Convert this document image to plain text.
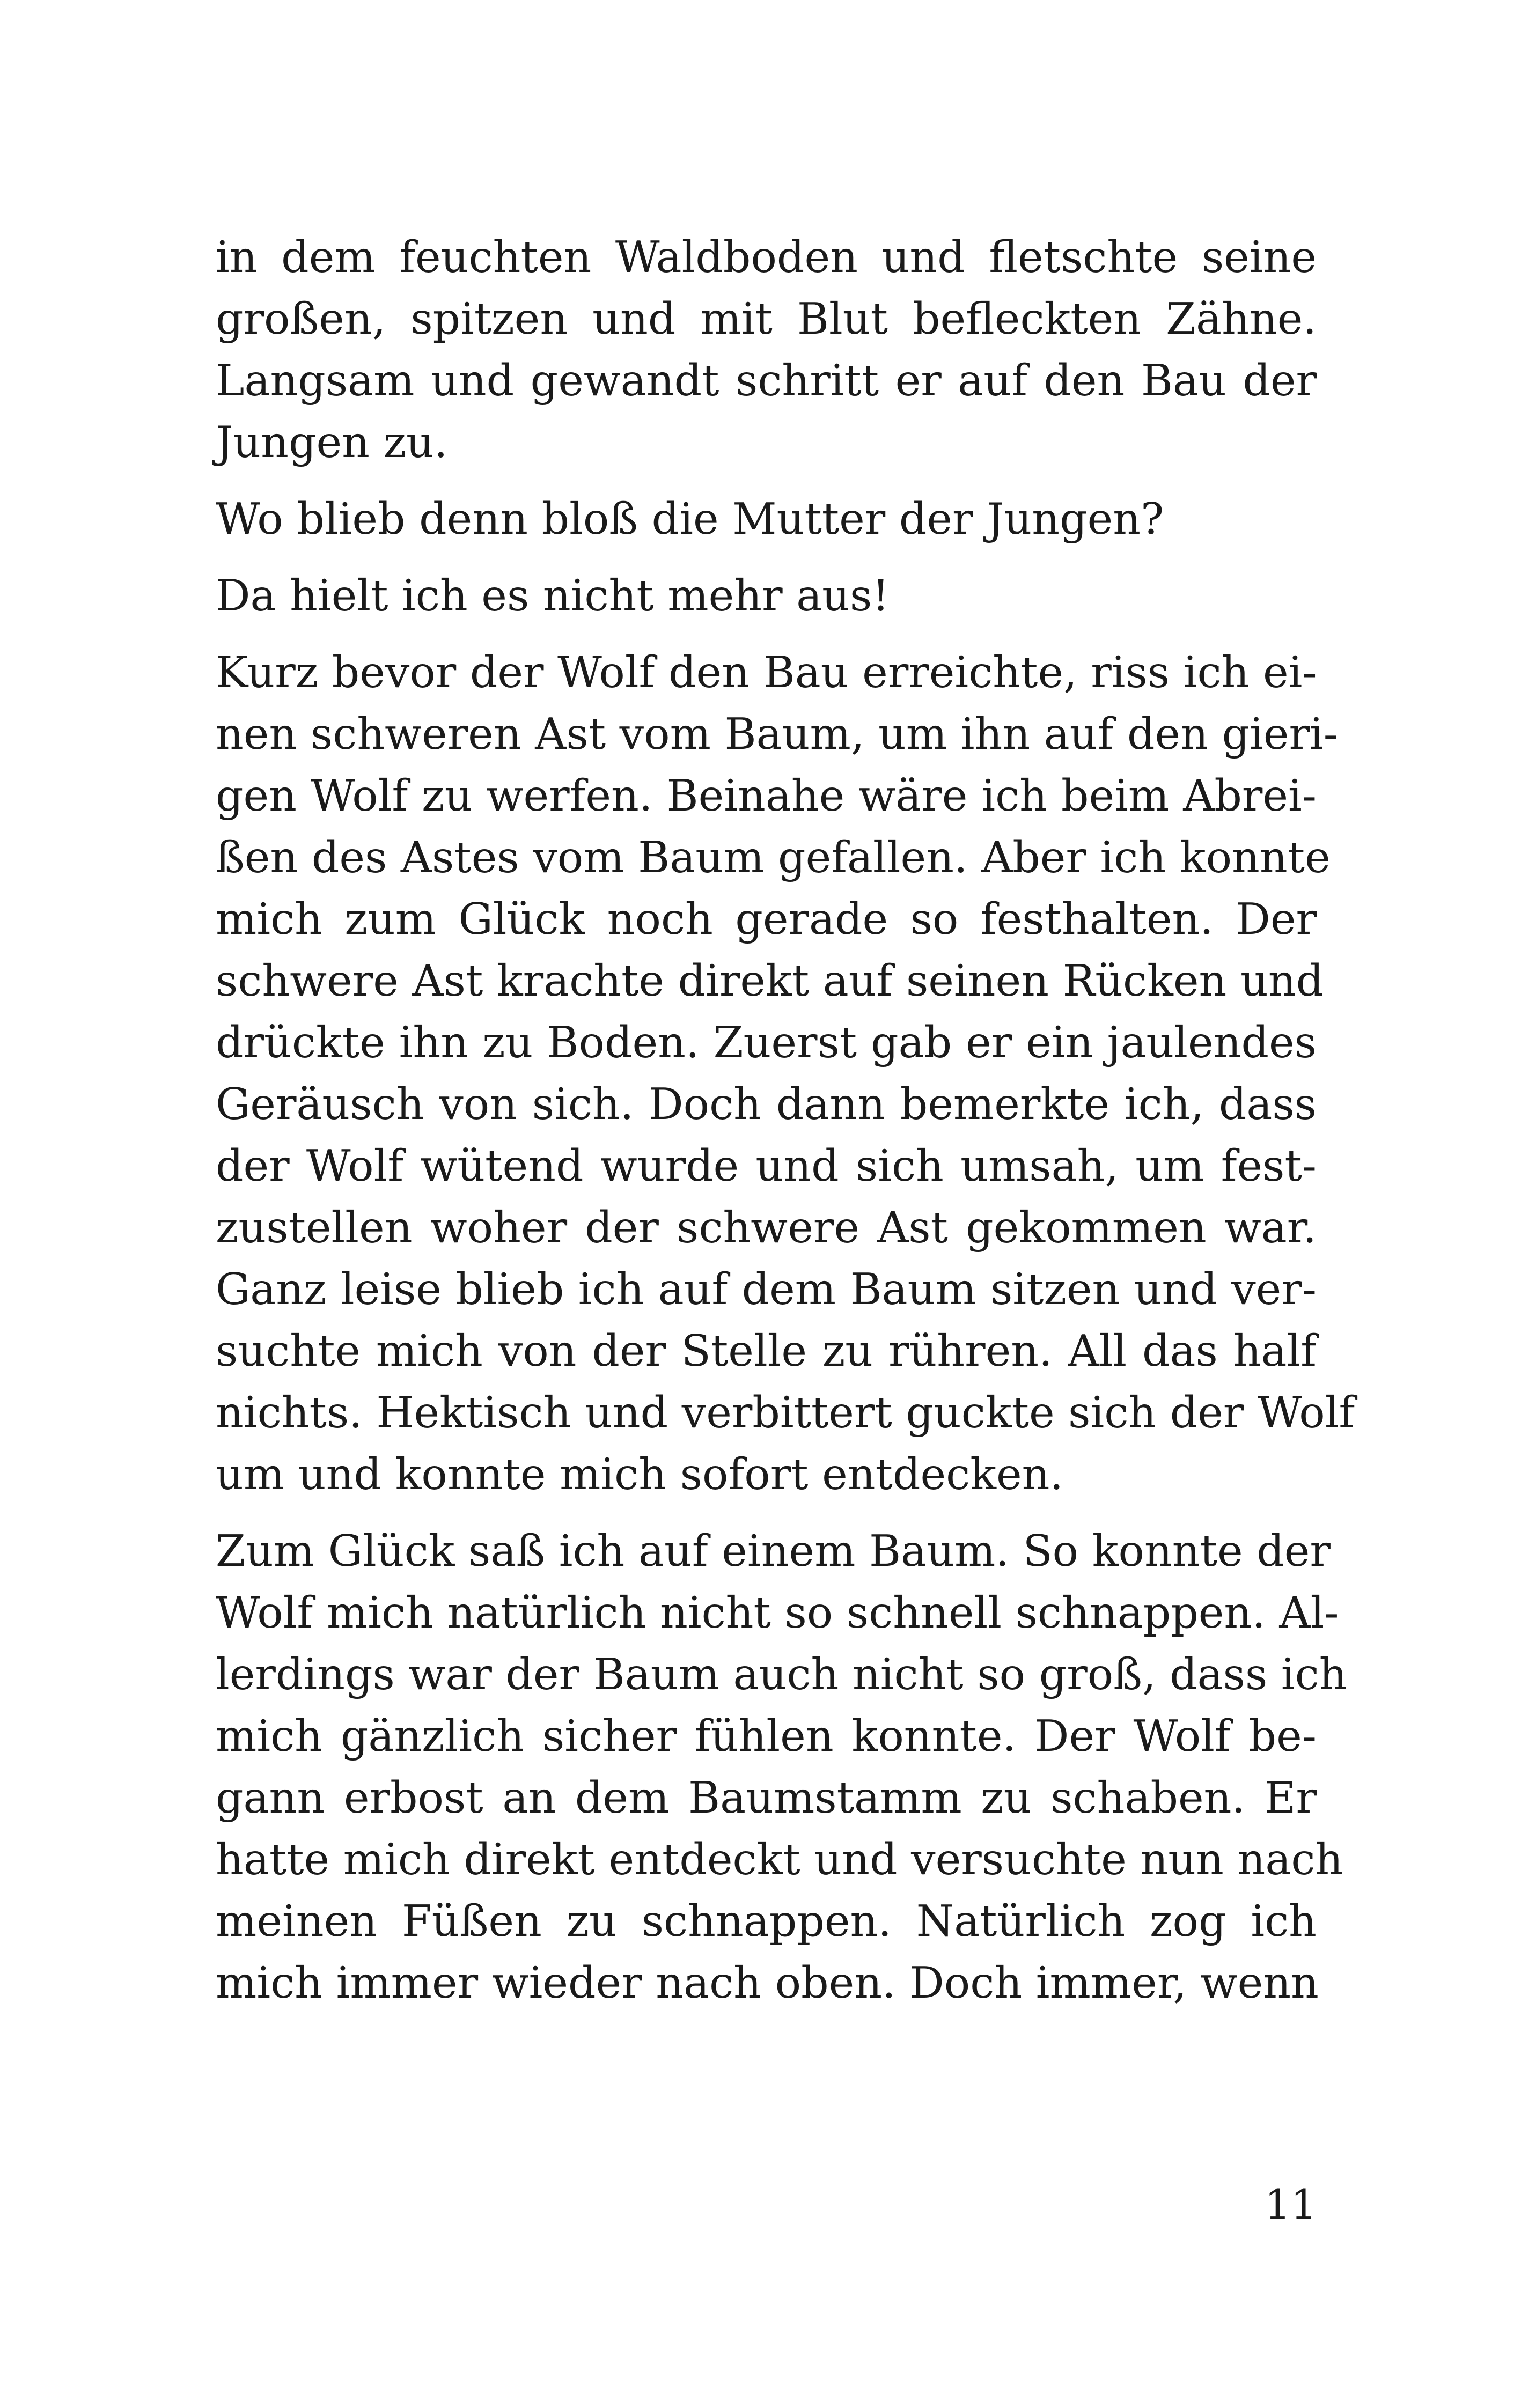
in dem feuchten Waldboden und fletschte seine
großen, spitzen und mit Blut befleckten Zähne.
Langsam und gewandt schritt er auf den Bau der
Jungen zu.

Wo blieb denn bloß die Mutter der Jungen?

Da hielt ich es nicht mehr aus!

Kurz bevor der Wolf den Bau erreichte, riss ich ei-
nen schweren Ast vom Baum, um ihn auf den gieri-
gen Wolf zu werfen. Beinahe wäre ich beim Abrei-
ßen des Astes vom Baum gefallen. Aber ich konnte
mich zum Glück noch gerade so festhalten. Der
schwere Ast krachte direkt auf seinen Rücken und
drückte ihn zu Boden. Zuerst gab er ein jaulendes
Geräusch von sich. Doch dann bemerkte ich, dass
der Wolf wütend wurde und sich umsah, um fest-
zustellen woher der schwere Ast gekommen war.
Ganz leise blieb ich auf dem Baum sitzen und ver-
suchte mich von der Stelle zu rühren. All das half
nichts. Hektisch und verbittert guckte sich der Wolf
um und konnte mich sofort entdecken.

Zum Glück saß ich auf einem Baum. So konnte der
Wolf mich natürlich nicht so schnell schnappen. Al-
lerdings war der Baum auch nicht so groß, dass ich
mich gänzlich sicher fühlen konnte. Der Wolf be-
gann erbost an dem Baumstamm zu schaben. Er
hatte mich direkt entdeckt und versuchte nun nach
meinen Füßen zu schnappen. Natürlich zog ich
mich immer wieder nach oben. Doch immer, wenn

11
